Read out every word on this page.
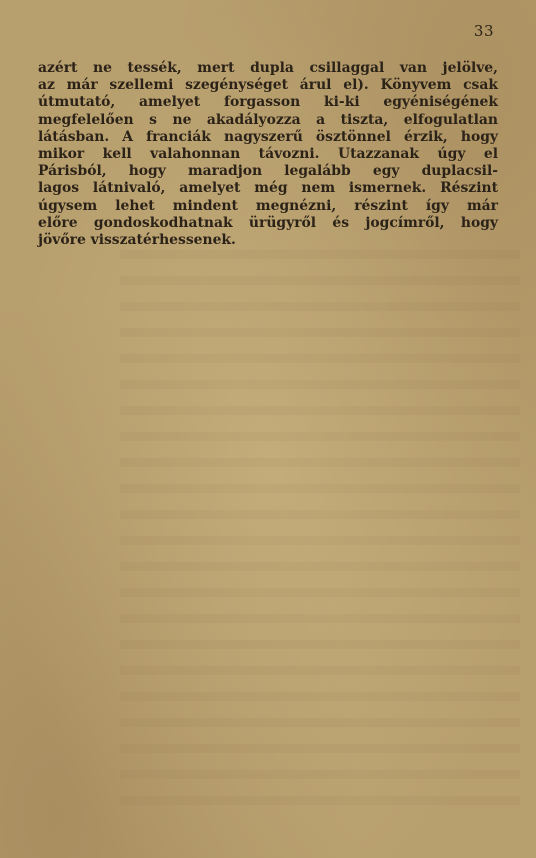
33
azért ne tessék, mert dupla csillaggal van jelölve,
az már szellemi szegénységet árul el). Könyvem csak
útmutató, amelyet forgasson ki-ki egyéniségének
megfelelően s ne akadályozza a tiszta, elfogulatlan
látásban. A franciák nagyszerű ösztönnel érzik, hogy
mikor kell valahonnan távozni. Utazzanak úgy el
Párisból, hogy maradjon legalább egy duplacsil-
lagos látnivaló, amelyet még nem ismernek. Részint
úgysem lehet mindent megnézni, részint így már
előre gondoskodhatnak ürügyről és jogcímről, hogy
jövőre visszatérhessenek.
